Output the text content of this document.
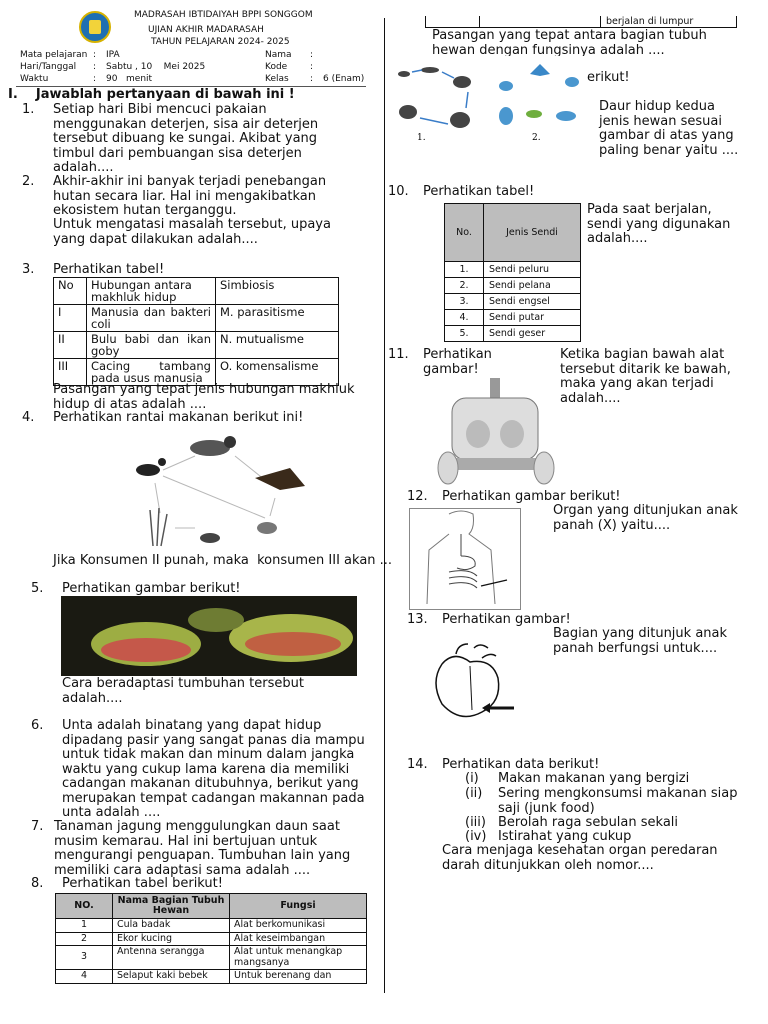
MADRASAH IBTIDAIYAH BPPI SONGGOM
UJIAN AKHIR MADARASAH
TAHUN PELAJARAN 2024- 2025
Mata pelajaran : IPA
Hari/Tanggal : Sabtu , 10    Mei 2025
Waktu	: 90   menit
Nama :
Kode	:
Kelas : 6 (Enam)
I.    Jawablah pertanyaan di bawah ini !
1. Setiap hari Bibi mencuci pakaian menggunakan deterjen, sisa air deterjen tersebut dibuang ke sungai. Akibat yang timbul dari pembuangan sisa deterjen adalah....
2. Akhir-akhir ini banyak terjadi penebangan hutan secara liar. Hal ini mengakibatkan ekosistem hutan terganggu.
Untuk mengatasi masalah tersebut, upaya yang dapat dilakukan adalah....
3. Perhatikan tabel!
No	Hubungan antara makhluk hidup	Simbiosis
I	Manusia dan bakteri coli	M. parasitisme
II	Bulu babi dan ikan goby	N. mutualisme
III	Cacing tambang pada usus manusia	O. komensalisme
Pasangan yang tepat jenis hubungan makhluk hidup di atas adalah ....
4. Perhatikan rantai makanan berikut ini!
Jika Konsumen II punah, maka  konsumen III akan ...
5. Perhatikan gambar berikut!
Cara beradaptasi tumbuhan tersebut adalah....
6. Unta adalah binatang yang dapat hidup dipadang pasir yang sangat panas dia mampu untuk tidak makan dan minum dalam jangka waktu yang cukup lama karena dia memiliki cadangan makanan ditubuhnya, berikut yang merupakan tempat cadangan makannan pada unta adalah ....
7. Tanaman jagung menggulungkan daun saat musim kemarau. Hal ini bertujuan untuk mengurangi penguapan. Tumbuhan lain yang memiliki cara adaptasi sama adalah ....
8. Perhatikan tabel berikut!
NO.	Nama Bagian Tubuh Hewan	Fungsi
1	Cula badak	Alat berkomunikasi
2	Ekor kucing	Alat keseimbangan
3	Antenna serangga	Alat untuk menangkap mangsanya
4	Selaput kaki bebek	Untuk berenang dan
berjalan di lumpur
Pasangan yang tepat antara bagian tubuh hewan dengan fungsinya adalah ....
1.	2.
erikut!
Daur hidup kedua jenis hewan sesuai gambar di atas yang paling benar yaitu ....
10. Perhatikan tabel!
No.	Jenis Sendi
1.	Sendi peluru
2.	Sendi pelana
3.	Sendi engsel
4.	Sendi putar
5.	Sendi geser
Pada saat berjalan, sendi yang digunakan adalah....
11. Perhatikan gambar!
Ketika bagian bawah alat tersebut ditarik ke bawah, maka yang akan terjadi adalah....
12. Perhatikan gambar berikut!
Organ yang ditunjukan anak panah (X) yaitu....
13. Perhatikan gambar!
Bagian yang ditunjuk anak panah berfungsi untuk....
14. Perhatikan data berikut!
(i) Makan makanan yang bergizi
(ii) Sering mengkonsumsi makanan siap saji (junk food)
(iii) Berolah raga sebulan sekali
(iv) Istirahat yang cukup
Cara menjaga kesehatan organ peredaran darah ditunjukkan oleh nomor....
